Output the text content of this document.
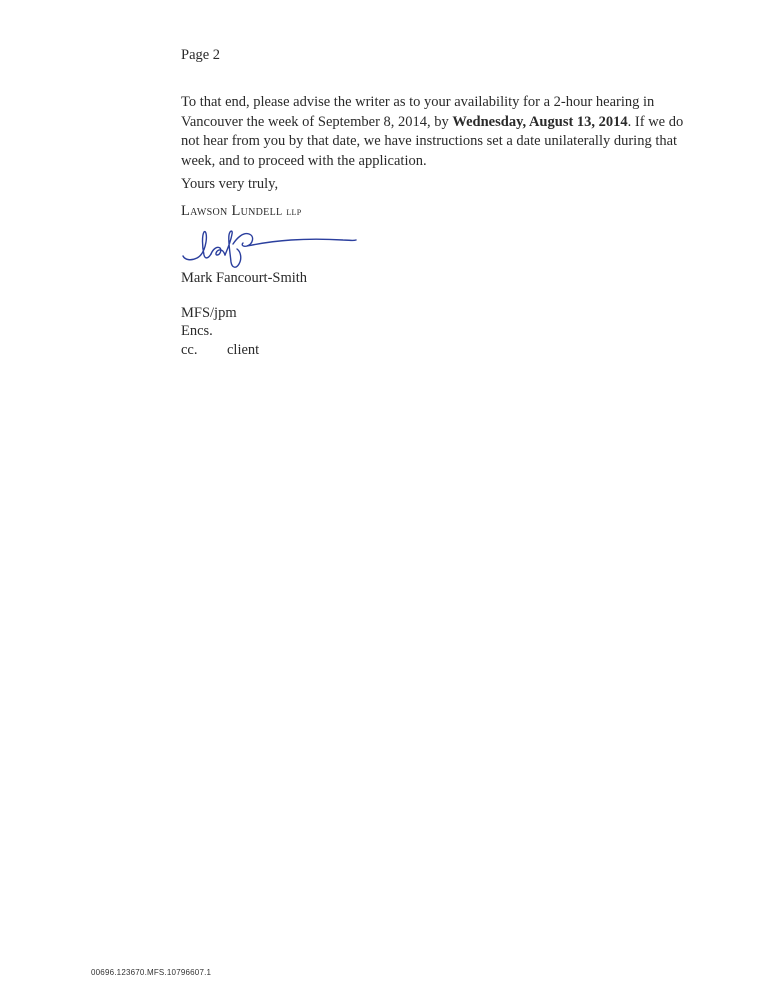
Page 2
To that end, please advise the writer as to your availability for a 2-hour hearing in Vancouver the week of September 8, 2014, by Wednesday, August 13, 2014. If we do not hear from you by that date, we have instructions set a date unilaterally during that week, and to proceed with the application.
Yours very truly,
Lawson Lundell llp
Mark Fancourt-Smith
MFS/jpm
Encs.
cc. client
00696.123670.MFS.10796607.1
